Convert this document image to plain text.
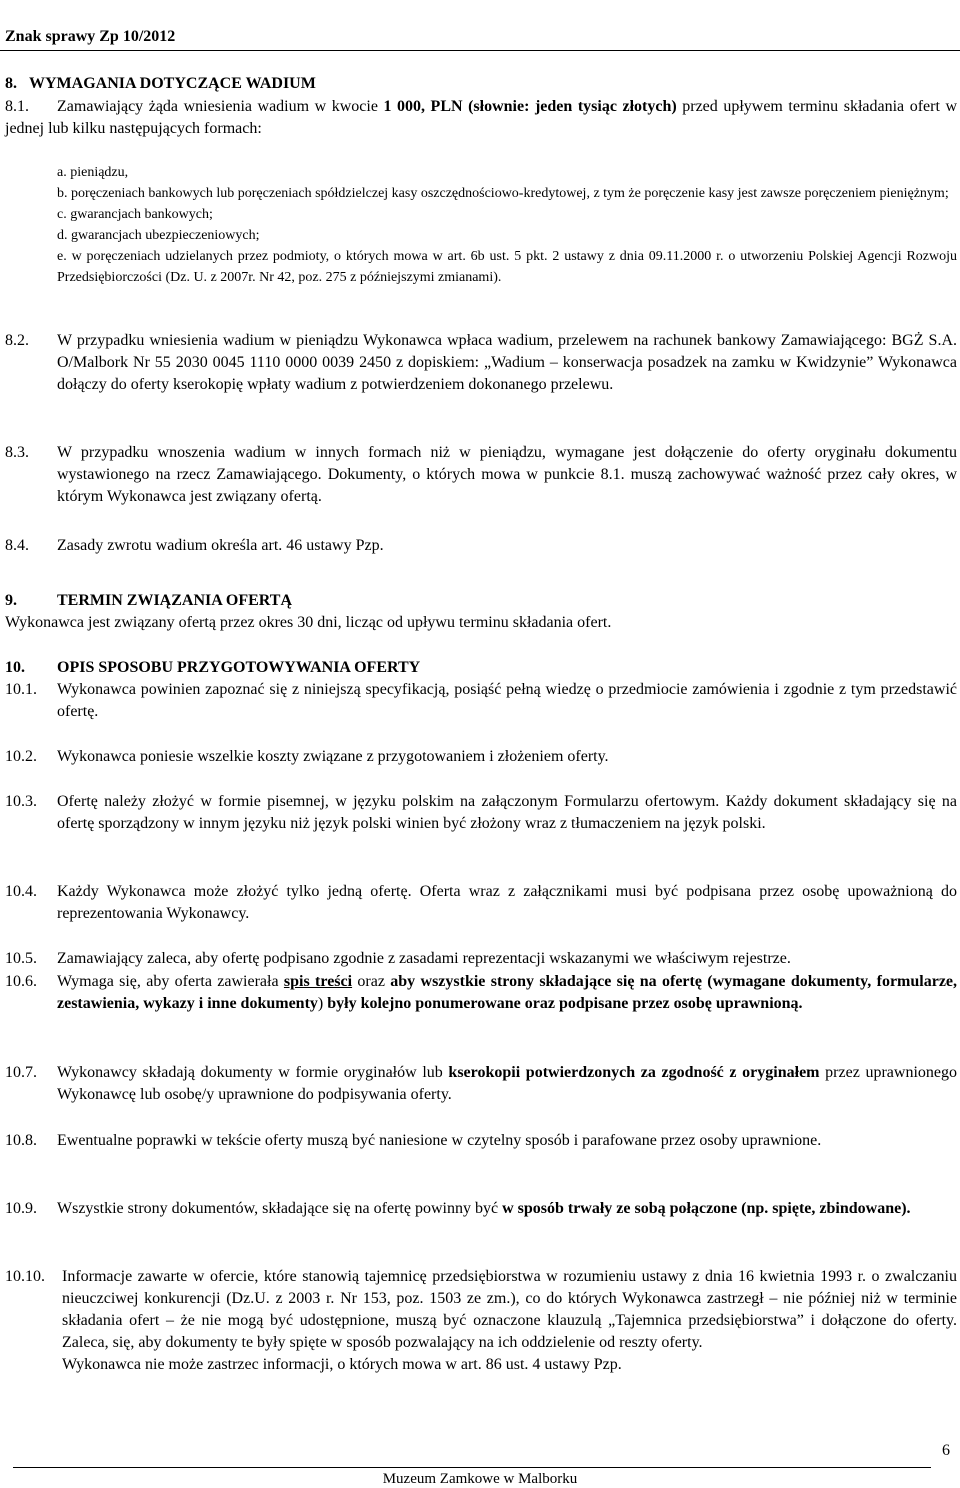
Znak sprawy Zp 10/2012
8.   WYMAGANIA DOTYCZĄCE WADIUM
8.1.	Zamawiający żąda wniesienia wadium w kwocie 1 000, PLN (słownie: jeden tysiąc złotych) przed upływem terminu składania ofert w jednej lub kilku następujących formach:
a. pieniądzu,
b. poręczeniach bankowych lub poręczeniach spółdzielczej kasy oszczędnościowo-kredytowej, z tym że poręczenie kasy jest zawsze poręczeniem pieniężnym;
c. gwarancjach bankowych;
d. gwarancjach ubezpieczeniowych;
e. w poręczeniach udzielanych przez podmioty, o których mowa w art. 6b ust. 5 pkt. 2 ustawy z dnia 09.11.2000 r. o utworzeniu Polskiej Agencji Rozwoju Przedsiębiorczości (Dz. U. z 2007r. Nr 42, poz. 275 z późniejszymi zmianami).
8.2. W przypadku wniesienia wadium w pieniądzu Wykonawca wpłaca wadium, przelewem na rachunek bankowy Zamawiającego: BGŻ S.A. O/Malbork Nr 55 2030 0045 1110 0000 0039 2450 z dopiskiem: „Wadium – konserwacja posadzek na zamku w Kwidzynie” Wykonawca dołączy do oferty kserokopię wpłaty wadium z potwierdzeniem dokonanego przelewu.
8.3. W przypadku wnoszenia wadium w innych formach niż w pieniądzu, wymagane jest dołączenie do oferty oryginału dokumentu wystawionego na rzecz Zamawiającego. Dokumenty, o których mowa w punkcie 8.1. muszą zachowywać ważność przez cały okres, w którym Wykonawca jest związany ofertą.
8.4. Zasady zwrotu wadium określa art. 46 ustawy Pzp.
9.	TERMIN ZWIĄZANIA OFERTĄ
Wykonawca jest związany ofertą przez okres 30 dni, licząc od upływu terminu składania ofert.
10. OPIS SPOSOBU PRZYGOTOWYWANIA OFERTY
10.1. Wykonawca powinien zapoznać się z niniejszą specyfikacją, posiąść pełną wiedzę o przedmiocie zamówienia i zgodnie z tym przedstawić ofertę.
10.2. Wykonawca poniesie wszelkie koszty związane z przygotowaniem i złożeniem oferty.
10.3. Ofertę należy złożyć w formie pisemnej, w języku polskim na załączonym Formularzu ofertowym. Każdy dokument składający się na ofertę sporządzony w innym języku niż język polski winien być złożony wraz z tłumaczeniem na język polski.
10.4. Każdy Wykonawca może złożyć tylko jedną ofertę. Oferta wraz z załącznikami musi być podpisana przez osobę upoważnioną do reprezentowania Wykonawcy.
10.5. Zamawiający zaleca, aby ofertę podpisano zgodnie z zasadami reprezentacji wskazanymi we właściwym rejestrze.
10.6. Wymaga się, aby oferta zawierała spis treści oraz aby wszystkie strony składające się na ofertę (wymagane dokumenty, formularze, zestawienia, wykazy i inne dokumenty) były kolejno ponumerowane oraz podpisane przez osobę uprawnioną.
10.7. Wykonawcy składają dokumenty w formie oryginałów lub kserokopii potwierdzonych za zgodność z oryginałem przez uprawnionego Wykonawcę lub osobę/y uprawnione do podpisywania oferty.
10.8. Ewentualne poprawki w tekście oferty muszą być naniesione w czytelny sposób i parafowane przez osoby uprawnione.
10.9. Wszystkie strony dokumentów, składające się na ofertę powinny być w sposób trwały ze sobą połączone (np. spięte, zbindowane).
10.10. Informacje zawarte w ofercie, które stanowią tajemnicę przedsiębiorstwa w rozumieniu ustawy z dnia 16 kwietnia 1993 r. o zwalczaniu nieuczciwej konkurencji (Dz.U. z 2003 r. Nr 153, poz. 1503 ze zm.), co do których Wykonawca zastrzegł – nie później niż w terminie składania ofert – że nie mogą być udostępnione, muszą być oznaczone klauzulą „Tajemnica przedsiębiorstwa” i dołączone do oferty. Zaleca, się, aby dokumenty te były spięte w sposób pozwalający na ich oddzielenie od reszty oferty.
Wykonawca nie może zastrzec informacji, o których mowa w art. 86 ust. 4 ustawy Pzp.
6
Muzeum Zamkowe w Malborku
